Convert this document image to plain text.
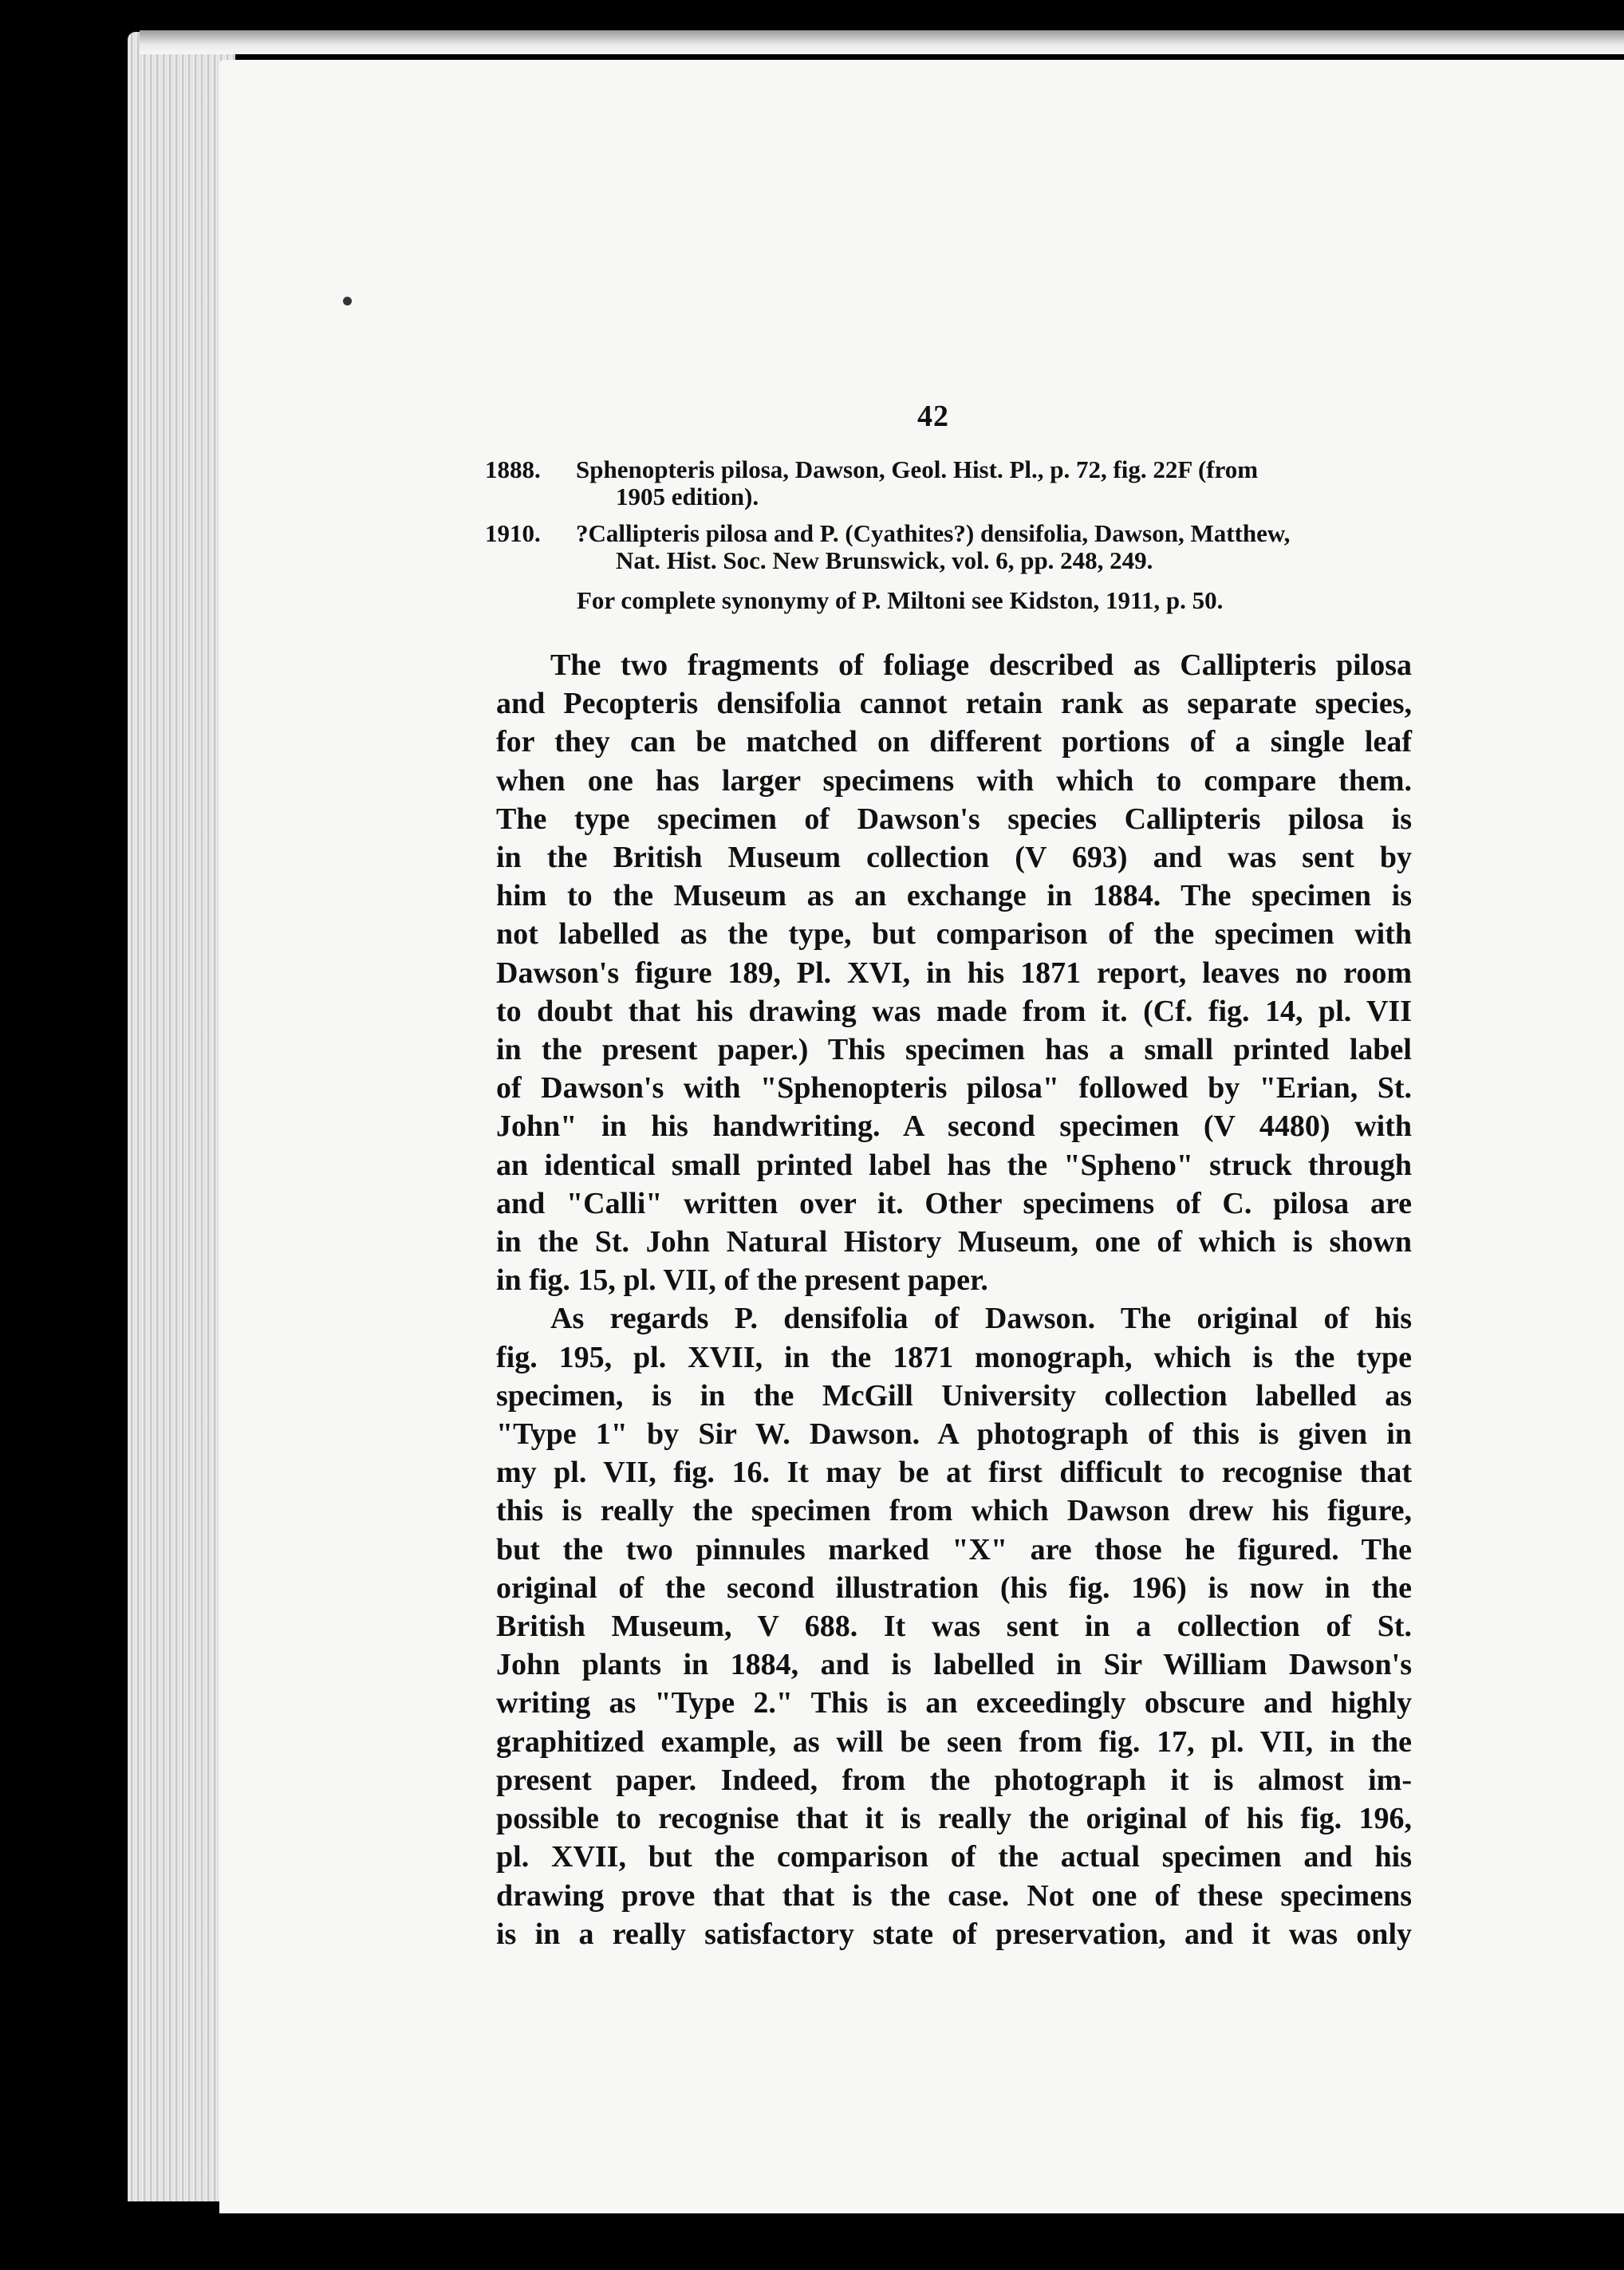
42
1888. Sphenopteris pilosa, Dawson, Geol. Hist. Pl., p. 72, fig. 22F (from
1905 edition).
1910. ?Callipteris pilosa and P. (Cyathites?) densifolia, Dawson, Matthew,
Nat. Hist. Soc. New Brunswick, vol. 6, pp. 248, 249.
For complete synonymy of P. Miltoni see Kidston, 1911, p. 50.

The two fragments of foliage described as Callipteris pilosa
and Pecopteris densifolia cannot retain rank as separate species,
for they can be matched on different portions of a single leaf
when one has larger specimens with which to compare them.
The type specimen of Dawson's species Callipteris pilosa is
in the British Museum collection (V 693) and was sent by
him to the Museum as an exchange in 1884. The specimen is
not labelled as the type, but comparison of the specimen with
Dawson's figure 189, Pl. XVI, in his 1871 report, leaves no room
to doubt that his drawing was made from it. (Cf. fig. 14, pl. VII
in the present paper.) This specimen has a small printed label
of Dawson's with "Sphenopteris pilosa" followed by "Erian, St.
John" in his handwriting. A second specimen (V 4480) with
an identical small printed label has the "Spheno" struck through
and "Calli" written over it. Other specimens of C. pilosa are
in the St. John Natural History Museum, one of which is shown
in fig. 15, pl. VII, of the present paper.

As regards P. densifolia of Dawson. The original of his
fig. 195, pl. XVII, in the 1871 monograph, which is the type
specimen, is in the McGill University collection labelled as
"Type 1" by Sir W. Dawson. A photograph of this is given in
my pl. VII, fig. 16. It may be at first difficult to recognise that
this is really the specimen from which Dawson drew his figure,
but the two pinnules marked "X" are those he figured. The
original of the second illustration (his fig. 196) is now in the
British Museum, V 688. It was sent in a collection of St.
John plants in 1884, and is labelled in Sir William Dawson's
writing as "Type 2." This is an exceedingly obscure and highly
graphitized example, as will be seen from fig. 17, pl. VII, in the
present paper. Indeed, from the photograph it is almost im-
possible to recognise that it is really the original of his fig. 196,
pl. XVII, but the comparison of the actual specimen and his
drawing prove that that is the case. Not one of these specimens
is in a really satisfactory state of preservation, and it was only
